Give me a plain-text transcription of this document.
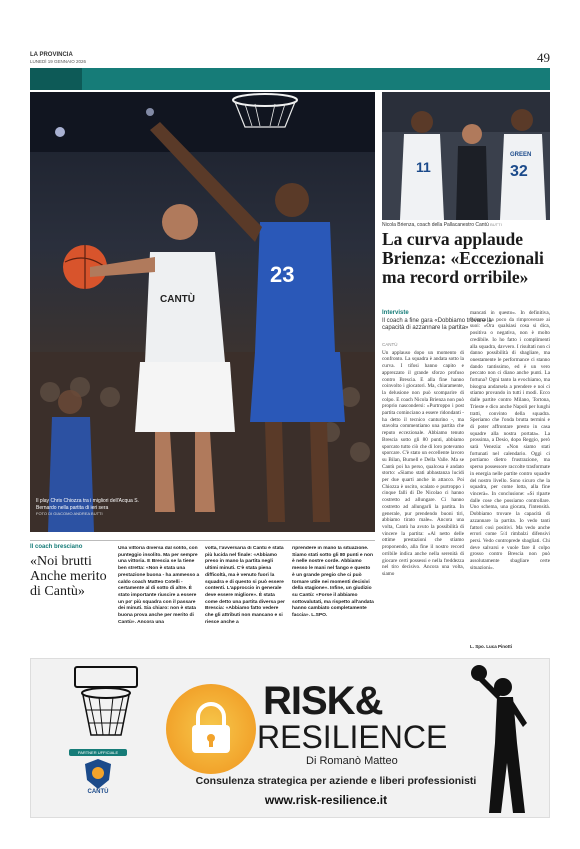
LA PROVINCIA
LUNEDÌ 19 GENNAIO 2026	49
CANTÙ
23
Il play Chris Chiozza tra i migliori dell'Acqua S. Bernardo nella partita di ieri sera
FOTO DI GIACOMO ANDREA BUTTI
11
GREEN
32
Nicola Brienza, coach della Pallacanestro Cantù BUTTI
La curva applaude Brienza: «Eccezionali ma record orribile»
Interviste
Il coach a fine gara «Dobbiamo trovare la capacità di azzannare la partita»
CANTÙ
Un applauso dopo un momento di confronto. La squadra è andata sotto la curva. I tifosi hanno capito e apprezzato il grande sforzo profuso contro Brescia. E alla fine hanno coinvolto i giocatori. Ma, chiaramente, la delusione non può scomparire di colpo. E coach Nicola Brienza non può proprio nascondersi: «Purtroppo i post partita cominciano a essere ridondanti - ha detto il tecnico canturino -, ma stavolta commentiamo una partita che reputo eccezionale. Abbiamo tenuto Brescia sotto gli 80 punti, abbiamo sporcato tutto ciò che di loro potevamo sporcare. C'è stato un eccellente lavoro su Bilan, Burnell e Della Valle. Ma se Cantù poi ha perso, qualcosa è andato storto: «Siamo stati abbastanza lucidi per due quarti anche in attacco. Poi Chiozza è uscito, scalato e purtroppo i cinque falli di De Nicolao ci hanno costretto ad allungare. Ci hanno costretto ad allungarli la partita. In generale, pur prendendo buoni tiri, abbiamo tirato male». Ancora una volta, Cantù ha avuto la possibilità di vincere la partita: «Al netto delle ottime prestazioni che stiamo proponendo, alla fine il nostro record orribile indica anche nella serenità di giocare certi possessi e nella freddezza nel tiro decisivo. Ancora una volta, siamo
mancati in questo». In definitiva, Brienza ha poco da rimproverare ai suoi: «Ora qualsiasi cosa si dica, positiva o negativa, non è molto credibile. Io ho fatto i complimenti alla squadra, davvero. I risultati non ci danno possibilità di sbagliare, ma onestamente le performance ci stanno dando tantissimo, ed è un vero peccato non ci diano anche punti. La fortuna? Ogni tanto la evochiamo, ma bisogna andarsela a prendere e noi ci stiamo provando in tutti i modi. Ecco dalle partite contro Milano, Tortona, Trieste e dico anche Napoli per lunghi tratti, convinto della squadra. Speriamo che l'onda brutta termini e di poter affrontare presto in casa squadre alla nostra portata». La prossima, a Desio, dopo Reggio, però sarà Venezia: «Non siamo stati fortunati nel calendario. Oggi ci portiamo dietro frustrazione, ma sperso possessore raccolte trasformate in energia nelle partite contro squadre del nostro livello. Sono sicuro che la squadra, per come lotta, alla fine vincerà». In conclusione: «Si riparte dalle cose che possiamo controllare. Uno schema, una giocata, l'intensità. Dobbiamo trovare la capacità di azzannare la partita. Io vedo tanti fattori così positivi. Ma vedo anche errori come 5/4 rimbalzi difensivi persi. Vedo controprede sbagliati. Chi deve salvarsi e vuole fare il colpo grosso contro Brescia non può assolutamente sbagliare certe situazioni».
L. Spo. Luca Pinotti
Il coach bresciano
«Noi brutti Anche merito di Cantù»
Una vittoria diversa dal solito, con punteggio insolito. Ma per sempre una vittoria. E Brescia se la tiene ben stretta: «Non è stata una prestazione buona - ha ammesso a caldo coach Matteo Cotelli - certamente al di sotto di altre. È stato importante riuscire a essere un po' più squadra con il passare dei minuti. Sia chiaro: non è stata buona prova anche per merito di Cantù». Ancora una
volta, l'avversaria di Cantù è stata più lucida nel finale: «Abbiamo preso in mano la partita negli ultimi minuti. C'è stata piena difficoltà, ma è venuto fuori la squadra e di questo si può essere contenti. L'approccio in generale deve essere migliore». È stata come detto una partita diversa per Brescia: «Abbiamo fatto vedere che gli attributi non mancano e si riesce anche a
riprendere in mano la situazione. Siamo stati sotto gli 80 punti e non è nelle nostre corde. Abbiamo messo le mani nel fango e questo è un grande pregio che ci può tornare utile nei momenti decisivi della stagione». Infine, un giudizio su Cantù: «Forse il abbiamo sottovalutati, ma rispetto all'andata hanno cambiato completamente faccia». L.SPO.
RISK&
RESILIENCE
Di Romanò Matteo
Consulenza strategica per aziende e liberi professionisti
www.risk-resilience.it
PARTNER UFFICIALE
CANTÙ
